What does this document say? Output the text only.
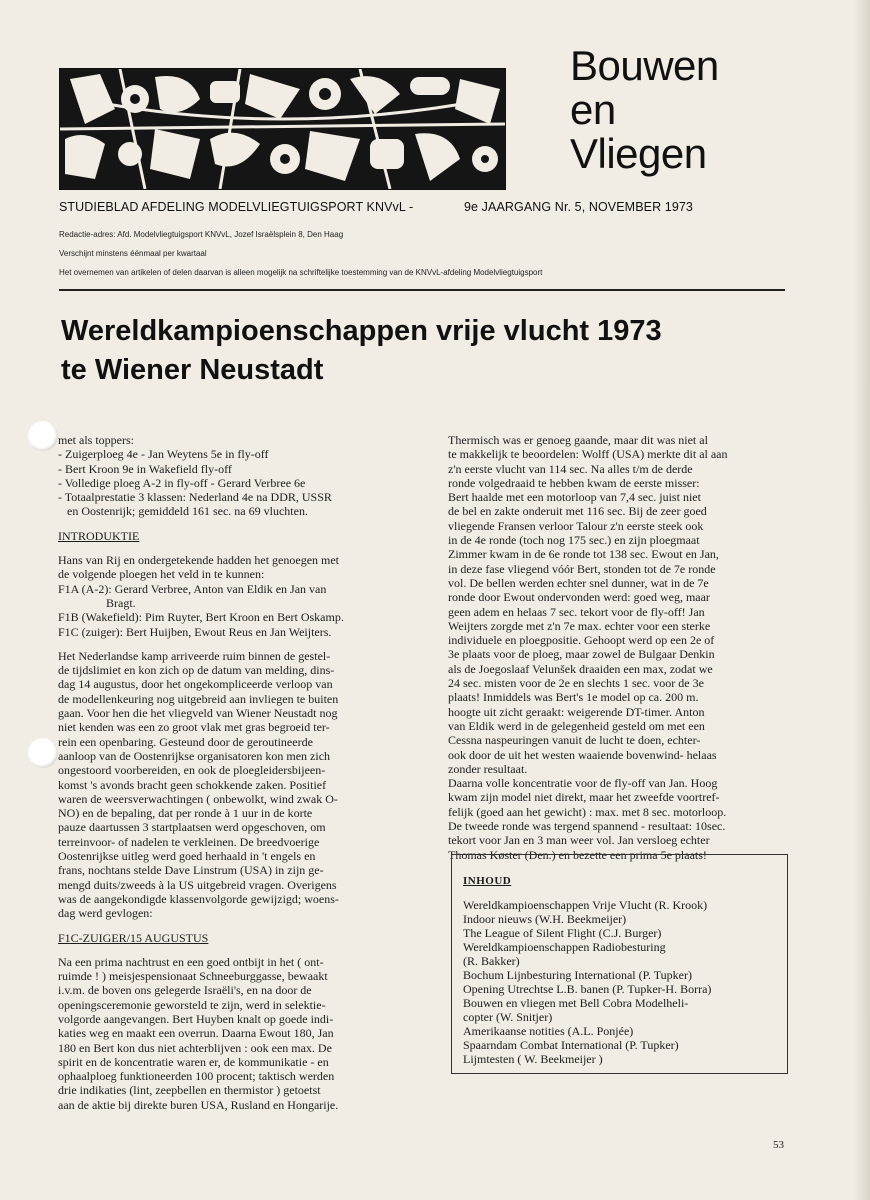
Bouwen
en
Vliegen
STUDIEBLAD AFDELING MODELVLIEGTUIGSPORT KNVvL -	9e JAARGANG Nr. 5, NOVEMBER 1973
Redactie-adres: Afd. Modelvliegtuigsport KNVvL, Jozef Israëlsplein 8, Den Haag
Verschijnt minstens éénmaal per kwartaal
Het overnemen van artikelen of delen daarvan is alleen mogelijk na schriftelijke toestemming van de KNVvL-afdeling Modelvliegtuigsport
Wereldkampioenschappen vrije vlucht 1973
te Wiener Neustadt
met als toppers:
- Zuigerploeg 4e - Jan Weytens 5e in fly-off
- Bert Kroon 9e in Wakefield fly-off
- Volledige ploeg A-2 in fly-off - Gerard Verbree 6e
- Totaalprestatie 3 klassen: Nederland 4e na DDR, USSR
en Oostenrijk; gemiddeld 161 sec. na 69 vluchten.
INTRODUKTIE
Hans van Rij en ondergetekende hadden het genoegen met
de volgende ploegen het veld in te kunnen:
F1A (A-2): Gerard Verbree, Anton van Eldik en Jan van
Bragt.
F1B (Wakefield): Pim Ruyter, Bert Kroon en Bert Oskamp.
F1C (zuiger): Bert Huijben, Ewout Reus en Jan Weijters.
Het Nederlandse kamp arriveerde ruim binnen de gestel-
de tijdslimiet en kon zich op de datum van melding, dins-
dag 14 augustus, door het ongekompliceerde verloop van
de modellenkeuring nog uitgebreid aan invliegen te buiten
gaan. Voor hen die het vliegveld van Wiener Neustadt nog
niet kenden was een zo groot vlak met gras begroeid ter-
rein een openbaring. Gesteund door de geroutineerde
aanloop van de Oostenrijkse organisatoren kon men zich
ongestoord voorbereiden, en ook de ploegleidersbijeen-
komst 's avonds bracht geen schokkende zaken. Positief
waren de weersverwachtingen ( onbewolkt, wind zwak O-
NO) en de bepaling, dat per ronde à 1 uur in de korte
pauze daartussen 3 startplaatsen werd opgeschoven, om
terreinvoor- of nadelen te verkleinen. De breedvoerige
Oostenrijkse uitleg werd goed herhaald in 't engels en
frans, nochtans stelde Dave Linstrum (USA) in zijn ge-
mengd duits/zweeds à la US uitgebreid vragen. Overigens
was de aangekondigde klassenvolgorde gewijzigd; woens-
dag werd gevlogen:
F1C-ZUIGER/15 AUGUSTUS
Na een prima nachtrust en een goed ontbijt in het ( ont-
ruimde ! ) meisjespensionaat Schneeburggasse, bewaakt
i.v.m. de boven ons gelegerde Israëli's, en na door de
openingsceremonie geworsteld te zijn, werd in selektie-
volgorde aangevangen. Bert Huyben knalt op goede indi-
katies weg en maakt een overrun. Daarna Ewout 180, Jan
180 en Bert kon dus niet achterblijven : ook een max. De
spirit en de koncentratie waren er, de kommunikatie - en
ophaalploeg funktioneerden 100 procent; taktisch werden
drie indikaties (lint, zeepbellen en thermistor ) getoetst
aan de aktie bij direkte buren USA, Rusland en Hongarije.
Thermisch was er genoeg gaande, maar dit was niet al
te makkelijk te beoordelen: Wolff (USA) merkte dit al aan
z'n eerste vlucht van 114 sec. Na alles t/m de derde
ronde volgedraaid te hebben kwam de eerste misser:
Bert haalde met een motorloop van 7,4 sec. juist niet
de bel en zakte onderuit met 116 sec. Bij de zeer goed
vliegende Fransen verloor Talour z'n eerste steek ook
in de 4e ronde (toch nog 175 sec.) en zijn ploegmaat
Zimmer kwam in de 6e ronde tot 138 sec. Ewout en Jan,
in deze fase vliegend vóór Bert, stonden tot de 7e ronde
vol. De bellen werden echter snel dunner, wat in de 7e
ronde door Ewout ondervonden werd: goed weg, maar
geen adem en helaas 7 sec. tekort voor de fly-off! Jan
Weijters zorgde met z'n 7e max. echter voor een sterke
individuele en ploegpositie. Gehoopt werd op een 2e of
3e plaats voor de ploeg, maar zowel de Bulgaar Denkin
als de Joegoslaaf Velunšek draaiden een max, zodat we
24 sec. misten voor de 2e en slechts 1 sec. voor de 3e
plaats! Inmiddels was Bert's 1e model op ca. 200 m.
hoogte uit zicht geraakt: weigerende DT-timer. Anton
van Eldik werd in de gelegenheid gesteld om met een
Cessna naspeuringen vanuit de lucht te doen, echter-
ook door de uit het westen waaiende bovenwind- helaas
zonder resultaat.
Daarna volle koncentratie voor de fly-off van Jan. Hoog
kwam zijn model niet direkt, maar het zweefde voortref-
felijk (goed aan het gewicht) : max. met 8 sec. motorloop.
De tweede ronde was tergend spannend - resultaat: 10sec.
tekort voor Jan en 3 man weer vol. Jan versloeg echter
Thomas Køster (Den.) en bezette een prima 5e plaats!
INHOUD
Wereldkampioenschappen Vrije Vlucht (R. Krook)
Indoor nieuws (W.H. Beekmeijer)
The League of Silent Flight (C.J. Burger)
Wereldkampioenschappen Radiobesturing
(R. Bakker)
Bochum Lijnbesturing International (P. Tupker)
Opening Utrechtse L.B. banen (P. Tupker-H. Borra)
Bouwen en vliegen met Bell Cobra Modelheli-
copter (W. Snitjer)
Amerikaanse notities (A.L. Ponjée)
Spaarndam Combat International (P. Tupker)
Lijmtesten ( W. Beekmeijer )
53
